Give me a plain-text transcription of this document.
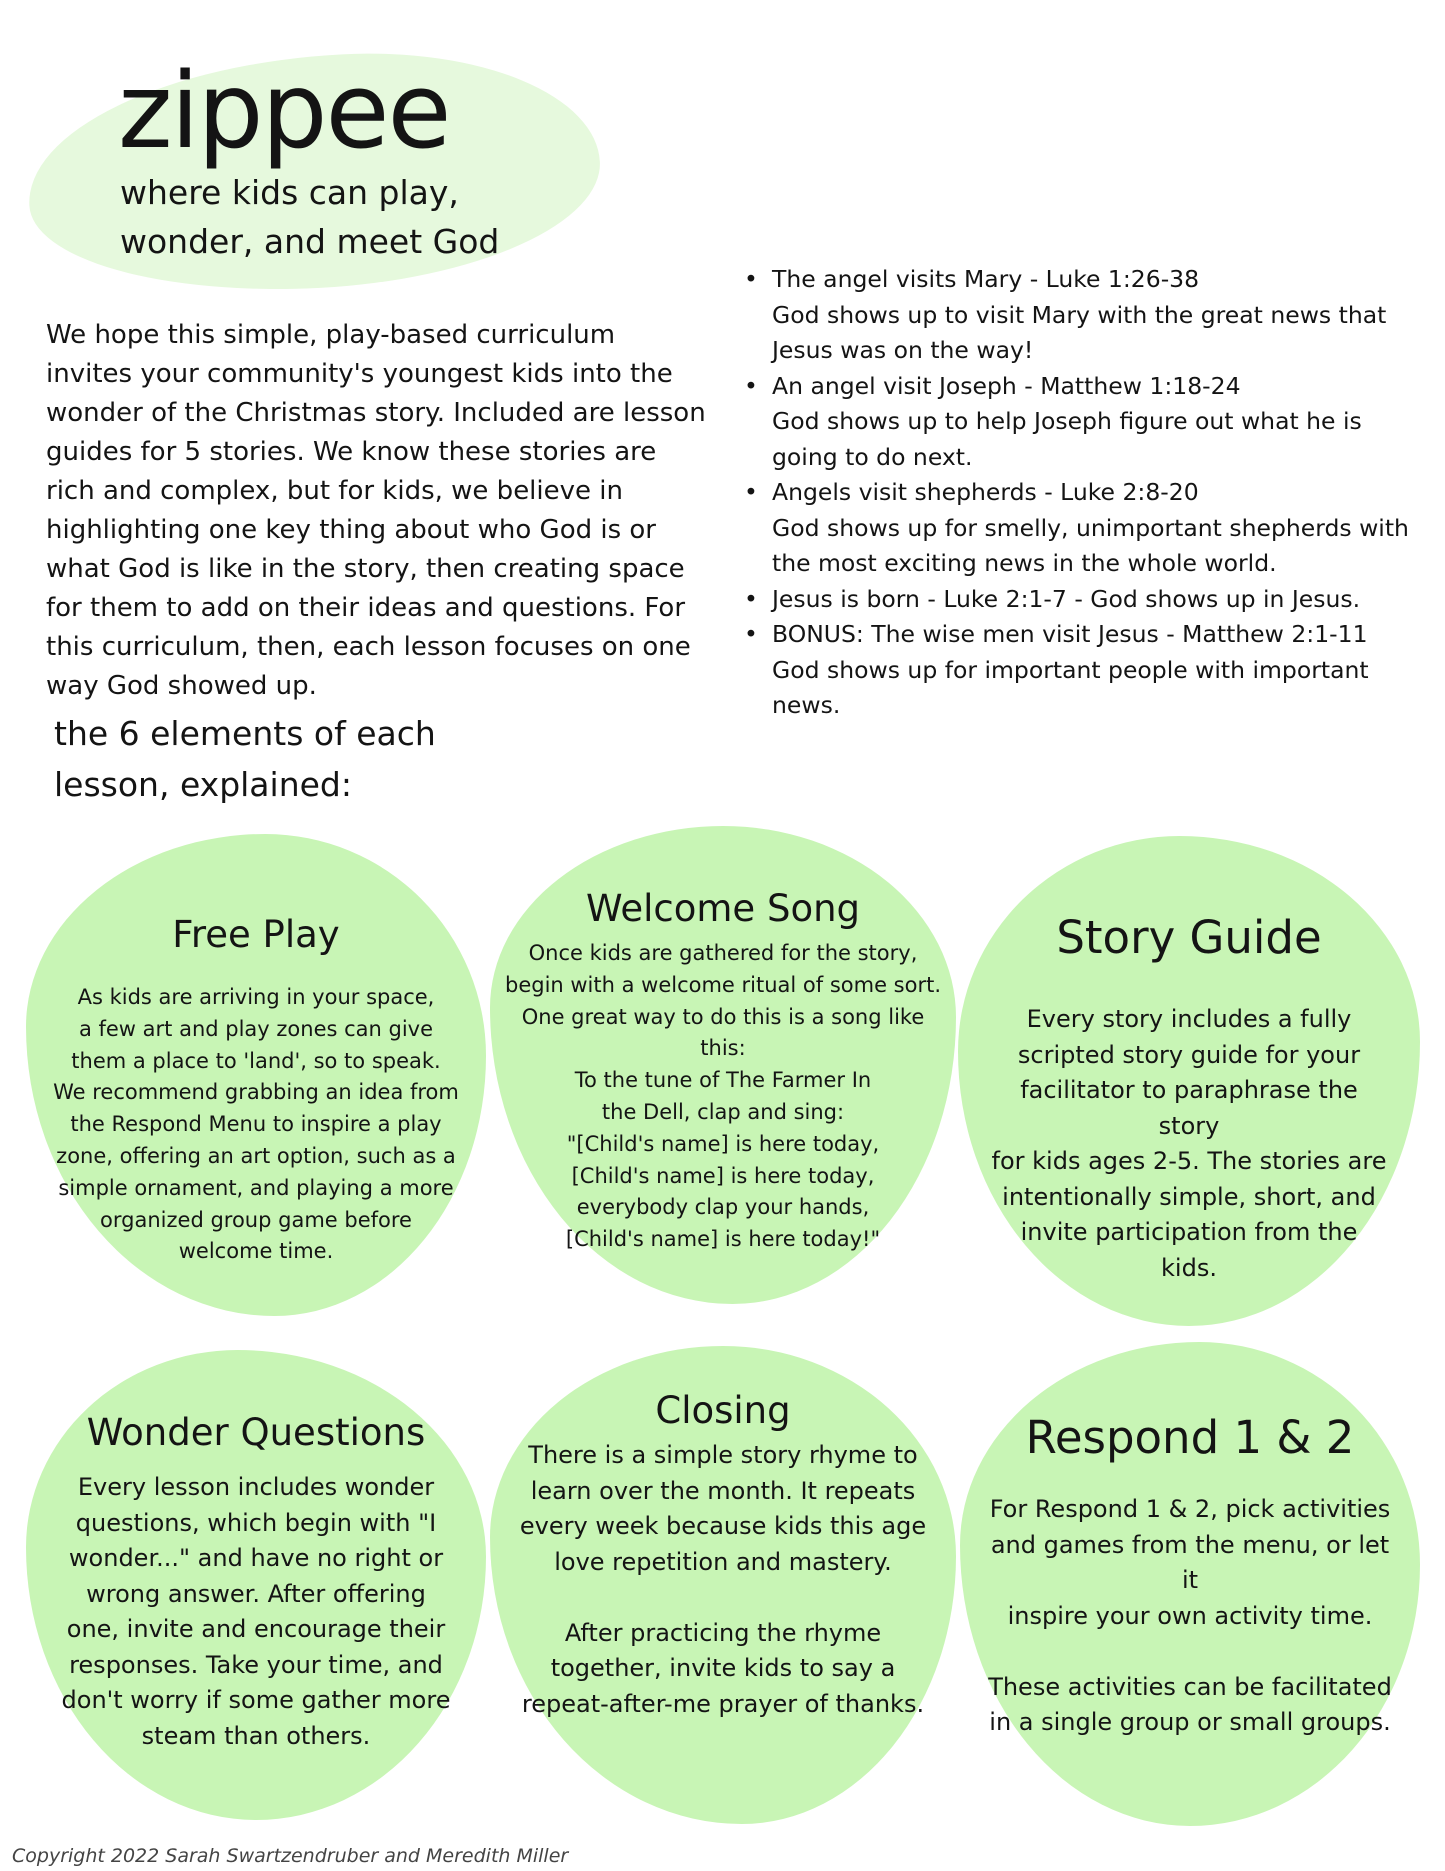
zippee

where kids can play,
wonder, and meet God

We hope this simple, play-based curriculum invites your community's youngest kids into the wonder of the Christmas story. Included are lesson guides for 5 stories. We know these stories are rich and complex, but for kids, we believe in highlighting one key thing about who God is or what God is like in the story, then creating space for them to add on their ideas and questions. For this curriculum, then, each lesson focuses on one way God showed up.

• The angel visits Mary - Luke 1:26-38
God shows up to visit Mary with the great news that Jesus was on the way!
• An angel visit Joseph - Matthew 1:18-24
God shows up to help Joseph figure out what he is going to do next.
• Angels visit shepherds - Luke 2:8-20
God shows up for smelly, unimportant shepherds with the most exciting news in the whole world.
• Jesus is born - Luke 2:1-7 - God shows up in Jesus.
• BONUS: The wise men visit Jesus - Matthew 2:1-11
God shows up for important people with important news.
the 6 elements of each lesson, explained:
Free Play

As kids are arriving in your space,
a few art and play zones can give
them a place to 'land', so to speak.
We recommend grabbing an idea from
the Respond Menu to inspire a play
zone, offering an art option, such as a
simple ornament, and playing a more
organized group game before
welcome time.

Welcome Song

Once kids are gathered for the story,
begin with a welcome ritual of some sort.
One great way to do this is a song like
this:
To the tune of The Farmer In
the Dell, clap and sing:
"[Child's name] is here today,
[Child's name] is here today,
everybody clap your hands,
[Child's name] is here today!"

Story Guide

Every story includes a fully
scripted story guide for your
facilitator to paraphrase the story
for kids ages 2-5. The stories are
intentionally simple, short, and
invite participation from the kids.

Wonder Questions

Every lesson includes wonder
questions, which begin with "I
wonder..." and have no right or
wrong answer. After offering
one, invite and encourage their
responses. Take your time, and
don't worry if some gather more
steam than others.

Closing

There is a simple story rhyme to
learn over the month. It repeats
every week because kids this age
love repetition and mastery.

After practicing the rhyme
together, invite kids to say a
repeat-after-me prayer of thanks.

Respond 1 & 2

For Respond 1 & 2, pick activities
and games from the menu, or let it
inspire your own activity time.

These activities can be facilitated
in a single group or small groups.

Copyright 2022 Sarah Swartzendruber and Meredith Miller
